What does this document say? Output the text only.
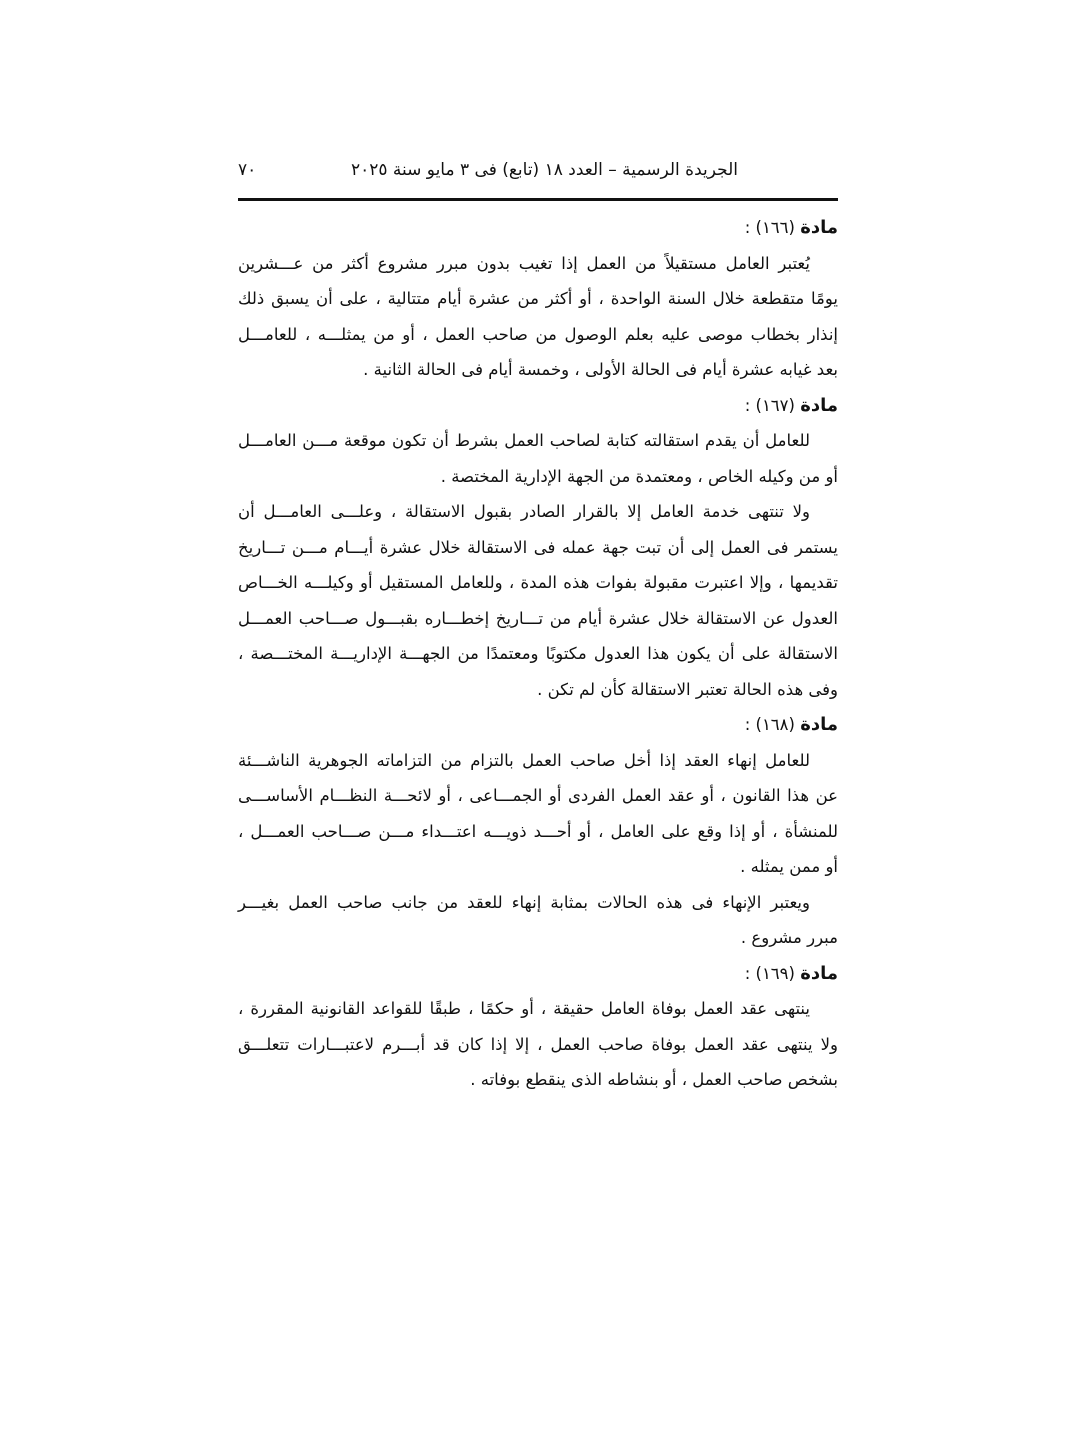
الجريدة الرسمية – العدد ١٨ (تابع) فى ٣ مايو سنة ٢٠٢٥
٧٠
مادة (١٦٦) :
يُعتبر العامل مستقيلاً من العمل إذا تغيب بدون مبرر مشروع أكثر من عـــشرين
يومًا متقطعة خلال السنة الواحدة ، أو أكثر من عشرة أيام متتالية ، على أن يسبق ذلك
إنذار بخطاب موصى عليه بعلم الوصول من صاحب العمل ، أو من يمثلـــه ، للعامـــل
بعد غيابه عشرة أيام فى الحالة الأولى ، وخمسة أيام فى الحالة الثانية .
مادة (١٦٧) :
للعامل أن يقدم استقالته كتابة لصاحب العمل بشرط أن تكون موقعة مـــن العامـــل
أو من وكيله الخاص ، ومعتمدة من الجهة الإدارية المختصة .
ولا تنتهى خدمة العامل إلا بالقرار الصادر بقبول الاستقالة ، وعلـــى العامـــل أن
يستمر فى العمل إلى أن تبت جهة عمله فى الاستقالة خلال عشرة أيـــام مـــن تـــاريخ
تقديمها ، وإلا اعتبرت مقبولة بفوات هذه المدة ، وللعامل المستقيل أو وكيلـــه الخـــاص
العدول عن الاستقالة خلال عشرة أيام من تـــاريخ إخطـــاره بقبـــول صـــاحب العمـــل
الاستقالة على أن يكون هذا العدول مكتوبًا ومعتمدًا من الجهـــة الإداريـــة المختـــصة ،
وفى هذه الحالة تعتبر الاستقالة كأن لم تكن .
مادة (١٦٨) :
للعامل إنهاء العقد إذا أخل صاحب العمل بالتزام من التزاماته الجوهرية الناشـــئة
عن هذا القانون ، أو عقد العمل الفردى أو الجمـــاعى ، أو لائحـــة النظـــام الأساســـى
للمنشأة ، أو إذا وقع على العامل ، أو أحـــد ذويـــه اعتـــداء مـــن صـــاحب العمـــل ،
أو ممن يمثله .
ويعتبر الإنهاء فى هذه الحالات بمثابة إنهاء للعقد من جانب صاحب العمل بغيـــر
مبرر مشروع .
مادة (١٦٩) :
ينتهى عقد العمل بوفاة العامل حقيقة ، أو حكمًا ، طبقًا للقواعد القانونية المقررة ،
ولا ينتهى عقد العمل بوفاة صاحب العمل ، إلا إذا كان قد أبـــرم لاعتبـــارات تتعلـــق
بشخص صاحب العمل ، أو بنشاطه الذى ينقطع بوفاته .
